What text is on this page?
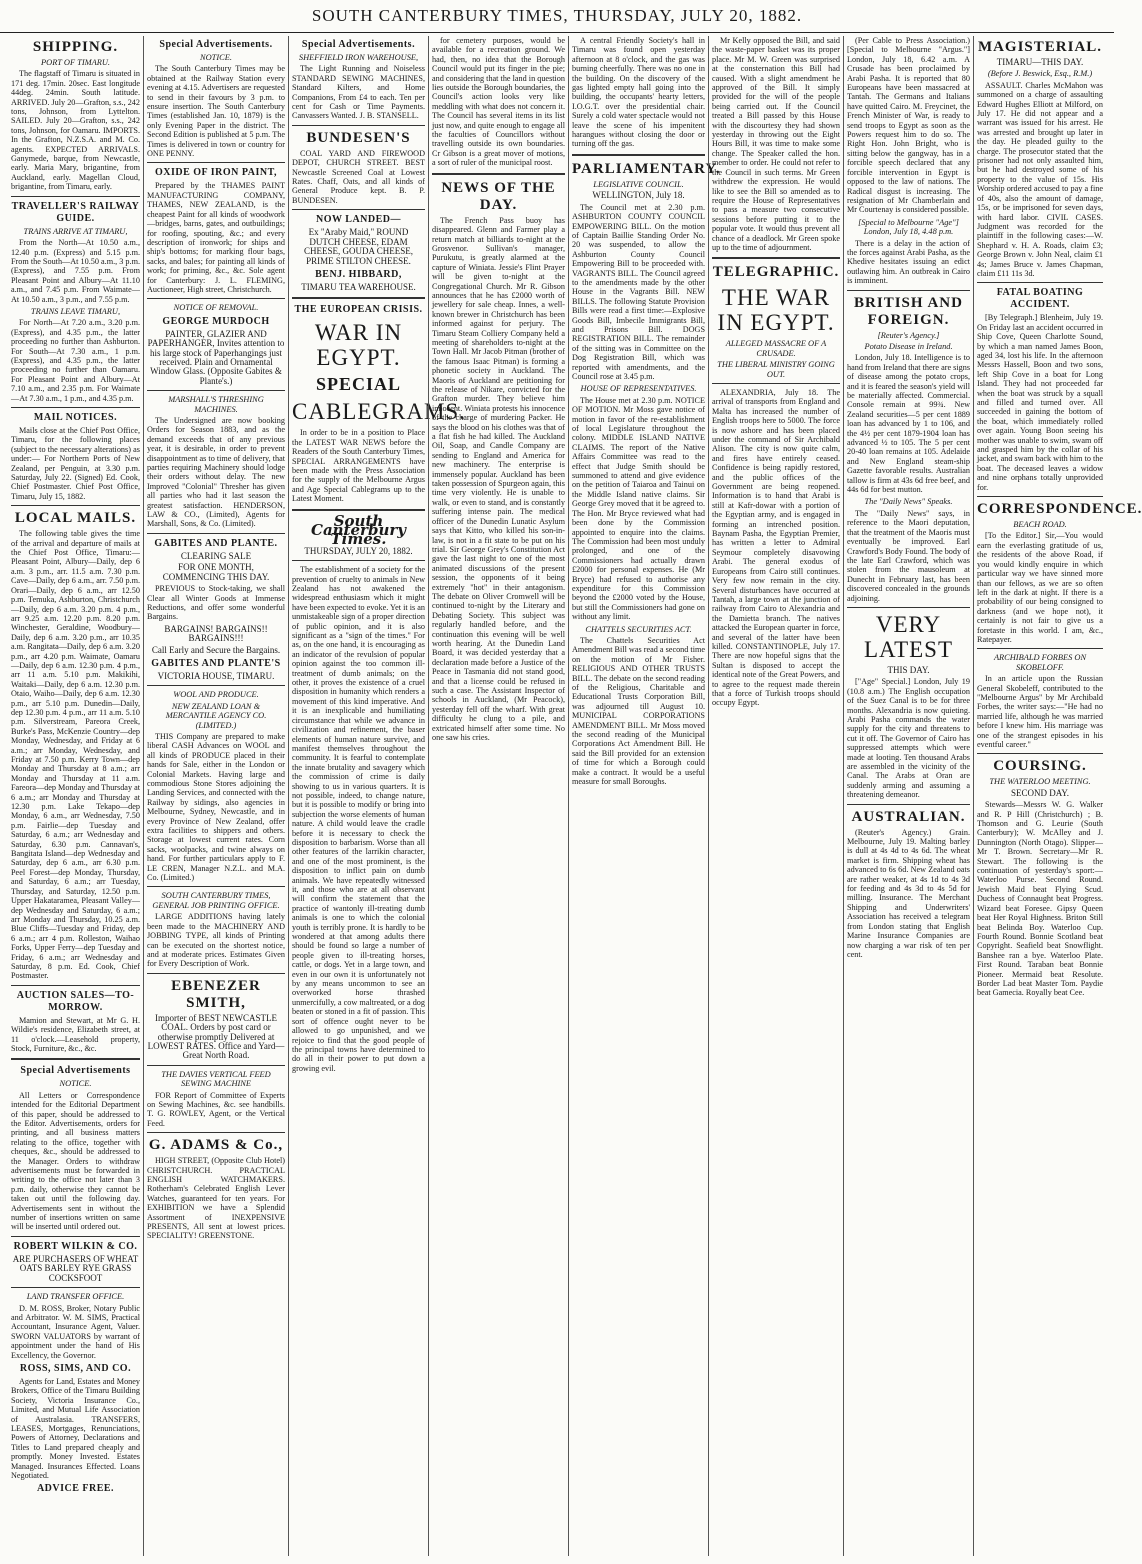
SOUTH CANTERBURY TIMES, THURSDAY, JULY 20, 1882.
SHIPPING.
PORT OF TIMARU.

The flagstaff of Timaru is situated in 171 deg. 17min. 20sec. East longitude 44deg. 24min. South latitude. ARRIVED. July 20—Grafton, s.s., 242 tons, Johnson, from Lyttelton. SAILED. July 20—Grafton, s.s., 242 tons, Johnson, for Oamaru. IMPORTS. In the Grafton, N.Z.S.A. and M. Co. agents. EXPECTED ARRIVALS. Ganymede, barque, from Newcastle, early. Maria Mary, brigantine, from Auckland, early. Magellan Cloud, brigantine, from Timaru, early.

TRAVELLER'S RAILWAY GUIDE.
TRAINS ARRIVE AT TIMARU,

From the North—At 10.50 a.m., 12.40 p.m. (Express) and 5.15 p.m. From the South—At 10.50 a.m., 3 p.m. (Express), and 7.55 p.m. From Pleasant Point and Albury—At 11.10 a.m., and 7.45 p.m. From Waimate—At 10.50 a.m., 3 p.m., and 7.55 p.m.

TRAINS LEAVE TIMARU,

For North—At 7.20 a.m., 3.20 p.m. (Express), and 4.35 p.m., the latter proceeding no further than Ashburton. For South—At 7.30 a.m., 1 p.m. (Express), and 4.35 p.m., the latter proceeding no further than Oamaru. For Pleasant Point and Albury—At 7.10 a.m., and 2.35 p.m. For Waimate—At 7.30 a.m., 1 p.m., and 4.35 p.m.

MAIL NOTICES.

Mails close at the Chief Post Office, Timaru, for the following places (subject to the necessary alterations) as under:— For Northern Ports of New Zealand, per Penguin, at 3.30 p.m. Saturday, July 22. (Signed) Ed. Cook, Chief Postmaster. Chief Post Office, Timaru, July 15, 1882.

LOCAL MAILS.

The following table gives the time of the arrival and departure of mails at the Chief Post Office, Timaru:— Pleasant Point, Albury—Daily, dep 6 a.m. 3 p.m., arr. 11.5 a.m. 7.30 p.m. Cave—Daily, dep 6 a.m., arr. 7.50 p.m. Orari—Daily, dep 6 a.m., arr 12.50 p.m. Temuka, Ashburton, Christchurch—Daily, dep 6 a.m. 3.20 p.m. 4 p.m., arr 9.25 a.m. 12.20 p.m. 8.20 p.m. Winchester, Geraldine, Woodbury—Daily, dep 6 a.m. 3.20 p.m., arr 10.35 a.m. Rangitata—Daily, dep 6 a.m. 3.20 p.m., arr 4.20 p.m. Waimate, Oamaru—Daily, dep 6 a.m. 12.30 p.m. 4 p.m., arr 11 a.m. 5.10 p.m. Makikihi, Waitaki—Daily, dep 6 a.m. 12.30 p.m. Otaio, Waiho—Daily, dep 6 a.m. 12.30 p.m., arr 5.10 p.m. Dunedin—Daily, dep 12.30 p.m. 4 p.m., arr 11 a.m. 5.10 p.m. Silverstream, Pareora Creek, Burke's Pass, McKenzie Country—dep Monday, Wednesday, and Friday at 6 a.m.; arr Monday, Wednesday, and Friday at 7.50 p.m. Kerry Town—dep Monday and Thursday at 8 a.m.; arr Monday and Thursday at 11 a.m. Fareora—dep Monday and Thursday at 6 a.m.; arr Monday and Thursday at 12.30 p.m. Lake Tekapo—dep Monday, 6 a.m., arr Wednesday, 7.50 p.m. Fairlie—dep Tuesday and Saturday, 6 a.m.; arr Wednesday and Saturday, 6.30 p.m. Cannavan's, Bangitata Island—dep Wednesday and Saturday, dep 6 a.m., arr 6.30 p.m. Peel Forest—dep Monday, Thursday, and Saturday, 6 a.m.; arr Tuesday, Thursday, and Saturday, 12.50 p.m. Upper Hakataramea, Pleasant Valley—dep Wednesday and Saturday, 6 a.m.; arr Monday and Thursday, 10.25 a.m. Blue Cliffs—Tuesday and Friday, dep 6 a.m.; arr 4 p.m. Rolleston, Waihao Forks, Upper Ferry—dep Tuesday and Friday, 6 a.m.; arr Wednesday and Saturday, 8 p.m. Ed. Cook, Chief Postmaster.

AUCTION SALES—TO-MORROW.

Mamion and Stewart, at Mr G. H. Wildie's residence, Elizabeth street, at 11 o'clock.—Leasehold property, Stock, Furniture, &c., &c.

Special Advertisements
NOTICE.

All Letters or Correspondence intended for the Editorial Department of this paper, should be addressed to the Editor. Advertisements, orders for printing, and all business matters relating to the office, together with cheques, &c., should be addressed to the Manager. Orders to withdraw advertisements must be forwarded in writing to the office not later than 3 p.m. daily, otherwise they cannot be taken out until the following day. Advertisements sent in without the number of insertions written on same will be inserted until ordered out.

ROBERT WILKIN & CO.
ARE PURCHASERS OF WHEAT OATS BARLEY RYE GRASS COCKSFOOT
LAND TRANSFER OFFICE.

D. M. ROSS, Broker, Notary Public and Arbitrator. W. M. SIMS, Practical Accountant, Insurance Agent, Valuer. SWORN VALUATORS by warrant of appointment under the hand of His Excellency, the Governor.

ROSS, SIMS, AND CO.

Agents for Land, Estates and Money Brokers, Office of the Timaru Building Society, Victoria Insurance Co., Limited, and Mutual Life Association of Australasia. TRANSFERS, LEASES, Mortgages, Renunciations, Powers of Attorney, Declarations and Titles to Land prepared cheaply and promptly. Money Invested. Estates Managed. Insurances Effected. Loans Negotiated.

ADVICE FREE.
Special Advertisements.
NOTICE.

The South Canterbury Times may be obtained at the Railway Station every evening at 4.15. Advertisers are requested to send in their favours by 3 p.m. to ensure insertion. The South Canterbury Times (established Jan. 10, 1879) is the only Evening Paper in the district. The Second Edition is published at 5 p.m. The Times is delivered in town or country for ONE PENNY.

OXIDE OF IRON PAINT,

Prepared by the THAMES PAINT MANUFACTURING COMPANY, THAMES, NEW ZEALAND, is the cheapest Paint for all kinds of woodwork—bridges, barns, gates, and outbuildings; for roofing, spouting, &c.; and every description of ironwork; for ships and ship's bottoms; for marking flour bags, sacks, and bales; for painting all kinds of work; for priming, &c., &c. Sole agent for Canterbury: J. L. FLEMING, Auctioneer, High street, Christchurch.

NOTICE OF REMOVAL.
GEORGE MURDOCH
PAINTER, GLAZIER AND PAPERHANGER, Invites attention to his large stock of Paperhangings just received. Plain and Ornamental Window Glass. (Opposite Gabites & Plante's.)
MARSHALL'S THRESHING MACHINES.

The Undersigned are now booking Orders for Season 1883, and as the demand exceeds that of any previous year, it is desirable, in order to prevent disappointment as to time of delivery, that parties requiring Machinery should lodge their orders without delay. The new Improved "Colonial" Thresher has given all parties who had it last season the greatest satisfaction. HENDERSON, LAW & CO., (Limited), Agents for Marshall, Sons, & Co. (Limited).

GABITES AND PLANTE.
CLEARING SALE
FOR ONE MONTH, COMMENCING THIS DAY.

PREVIOUS to Stock-taking, we shall Clear all Winter Goods at Immense Reductions, and offer some wonderful Bargains.

BARGAINS! BARGAINS!! BARGAINS!!!
Call Early and Secure the Bargains.
GABITES AND PLANTE'S
VICTORIA HOUSE, TIMARU.
WOOL AND PRODUCE.
NEW ZEALAND LOAN & MERCANTILE AGENCY CO. (LIMITED.)

THIS Company are prepared to make liberal CASH Advances on WOOL and all kinds of PRODUCE placed in their hands for Sale, either in the London or Colonial Markets. Having large and commodious Stone Stores adjoining the Landing Services, and connected with the Railway by sidings, also agencies in Melbourne, Sydney, Newcastle, and in every Province of New Zealand, offer extra facilities to shippers and others. Storage at lowest current rates. Corn sacks, woolpacks, and twine always on hand. For further particulars apply to F. LE CREN, Manager N.Z.L. and M.A. Co. (Limited.)

SOUTH CANTERBURY TIMES, GENERAL JOB PRINTING OFFICE.

LARGE ADDITIONS having lately been made to the MACHINERY AND JOBBING TYPE, all kinds of Printing can be executed on the shortest notice, and at moderate prices. Estimates Given for Every Description of Work.

EBENEZER SMITH,
Importer of BEST NEWCASTLE COAL. Orders by post card or otherwise promptly Delivered at LOWEST RATES. Office and Yard—Great North Road.
THE DAVIES VERTICAL FEED SEWING MACHINE

FOR Report of Committee of Experts on Sewing Machines, &c. see handbills. T. G. ROWLEY, Agent, or the Vertical Feed.

G. ADAMS & Co.,

HIGH STREET, (Opposite Club Hotel) CHRISTCHURCH. PRACTICAL ENGLISH WATCHMAKERS. Rotherham's Celebrated English Lever Watches, guaranteed for ten years. For EXHIBITION we have a Splendid Assortment of INEXPENSIVE PRESENTS, All sent at lowest prices. SPECIALITY! GREENSTONE.

Special Advertisements.
SHEFFIELD IRON WAREHOUSE,

The Light Running and Noiseless STANDARD SEWING MACHINES, Standard Kilters, and Home Companions, From £4 to each. Ten per cent for Cash or Time Payments. Canvassers Wanted. J. B. STANSELL.

BUNDESEN'S

COAL YARD AND FIREWOOD DEPOT, CHURCH STREET. BEST Newcastle Screened Coal at Lowest Rates. Chaff, Oats, and all kinds of General Produce kept. B. P. BUNDESEN.

NOW LANDED—
Ex "Araby Maid," ROUND DUTCH CHEESE, EDAM CHEESE, GOUDA CHEESE, PRIME STILTON CHEESE.
BENJ. HIBBARD,
TIMARU TEA WAREHOUSE.
THE EUROPEAN CRISIS.
WAR IN EGYPT.
SPECIAL
CABLEGRAMS.

In order to be in a position to Place the LATEST WAR NEWS before the Readers of the South Canterbury Times, SPECIAL ARRANGEMENTS have been made with the Press Association for the supply of the Melbourne Argus and Age Special Cablegrams up to the Latest Moment.

South Canterbury Times.
THURSDAY, JULY 20, 1882.

The establishment of a society for the prevention of cruelty to animals in New Zealand has not awakened the widespread enthusiasm which it might have been expected to evoke. Yet it is an unmistakeable sign of a proper direction of public opinion, and it is also significant as a "sign of the times." For as, on the one hand, it is encouraging as an indicator of the revulsion of popular opinion against the too common ill-treatment of dumb animals; on the other, it proves the existence of a cruel disposition in humanity which renders a movement of this kind imperative. And it is an inexplicable and humiliating circumstance that while we advance in civilization and refinement, the baser elements of human nature survive, and manifest themselves throughout the community. It is fearful to contemplate the innate brutality and savagery which the commission of crime is daily showing to us in various quarters. It is not possible, indeed, to change nature, but it is possible to modify or bring into subjection the worse elements of human nature. A child would leave the cradle before it is necessary to check the disposition to barbarism. Worse than all other features of the larrikin character, and one of the most prominent, is the disposition to inflict pain on dumb animals. We have repeatedly witnessed it, and those who are at all observant will confirm the statement that the practice of wantonly ill-treating dumb animals is one to which the colonial youth is terribly prone. It is hardly to be wondered at that among adults there should be found so large a number of people given to ill-treating horses, cattle, or dogs. Yet in a large town, and even in our own it is unfortunately not by any means uncommon to see an overworked horse thrashed unmercifully, a cow maltreated, or a dog beaten or stoned in a fit of passion. This sort of offence ought never to be allowed to go unpunished, and we rejoice to find that the good people of the principal towns have determined to do all in their power to put down a growing evil.

for cemetery purposes, would be available for a recreation ground. We had, then, no idea that the Borough Council would put its finger in the pie; and considering that the land in question lies outside the Borough boundaries, the Council's action looks very like meddling with what does not concern it. The Council has several items in its list just now, and quite enough to engage all the faculties of Councillors without travelling outside its own boundaries. Cr Gibson is a great mover of motions, a sort of ruler of the municipal roost.

NEWS OF THE DAY.

The French Pass buoy has disappeared. Glenn and Farmer play a return match at billiards to-night at the Grosvenor. Sullivan's manager, Purukutu, is greatly alarmed at the capture of Winiata. Jessie's Flint Prayer will be given to-night at the Congregational Church. Mr R. Gibson announces that he has £2000 worth of jewellery for sale cheap. Innes, a well-known brewer in Christchurch has been informed against for perjury. The Timaru Steam Colliery Company held a meeting of shareholders to-night at the Town Hall. Mr Jacob Pitman (brother of the famous Isaac Pitman) is forming a phonetic society in Auckland. The Maoris of Auckland are petitioning for the release of Nikare, convicted for the Grafton murder. They believe him innocent. Winiata protests his innocence of the charge of murdering Packer. He says the blood on his clothes was that of a flat fish he had killed. The Auckland Oil, Soap, and Candle Company are sending to England and America for new machinery. The enterprise is immensely popular. Auckland has been taken possession of Spurgeon again, this time very violently. He is unable to walk, or even to stand, and is constantly suffering intense pain. The medical officer of the Dunedin Lunatic Asylum says that Kitto, who killed his son-in-law, is not in a fit state to be put on his trial. Sir George Grey's Constitution Act gave the last night to one of the most animated discussions of the present session, the opponents of it being extremely "hot" in their antagonism. The debate on Oliver Cromwell will be continued to-night by the Literary and Debating Society. This subject was regularly handled before, and the continuation this evening will be well worth hearing. At the Dunedin Land Board, it was decided yesterday that a declaration made before a Justice of the Peace in Tasmania did not stand good, and that a license could be refused in such a case. The Assistant Inspector of schools in Auckland, (Mr Peacock), yesterday fell off the wharf. With great difficulty he clung to a pile, and extricated himself after some time. No one saw his cries.

A central Friendly Society's hall in Timaru was found open yesterday afternoon at 8 o'clock, and the gas was burning cheerfully. There was no one in the building. On the discovery of the gas lighted empty hall going into the building, the occupants' hearty letters, I.O.G.T. over the presidential chair. Surely a cold water spectacle would not leave the scene of his impenitent harangues without closing the door or turning off the gas.

PARLIAMENTARY.
LEGISLATIVE COUNCIL.
WELLINGTON, July 18.

The Council met at 2.30 p.m. ASHBURTON COUNTY COUNCIL EMPOWERING BILL. On the motion of Captain Baillie Standing Order No. 20 was suspended, to allow the Ashburton County Council Empowering Bill to be proceeded with. VAGRANTS BILL. The Council agreed to the amendments made by the other House in the Vagrants Bill. NEW BILLS. The following Statute Provision Bills were read a first time:—Explosive Goods Bill, Imbecile Immigrants Bill, and Prisons Bill. DOGS REGISTRATION BILL. The remainder of the sitting was in Committee on the Dog Registration Bill, which was reported with amendments, and the Council rose at 3.45 p.m.

HOUSE OF REPRESENTATIVES.

The House met at 2.30 p.m. NOTICE OF MOTION. Mr Moss gave notice of motion in favor of the re-establishment of local Legislature throughout the colony. MIDDLE ISLAND NATIVE CLAIMS. The report of the Native Affairs Committee was read to the effect that Judge Smith should be summoned to attend and give evidence on the petition of Taiaroa and Tainui on the Middle Island native claims. Sir George Grey moved that it be agreed to. The Hon. Mr Bryce reviewed what had been done by the Commission appointed to enquire into the claims. The Commission had been most unduly prolonged, and one of the Commissioners had actually drawn £2000 for personal expenses. He (Mr Bryce) had refused to authorise any expenditure for this Commission beyond the £2000 voted by the House, but still the Commissioners had gone on without any limit.

CHATTELS SECURITIES ACT.

The Chattels Securities Act Amendment Bill was read a second time on the motion of Mr Fisher. RELIGIOUS AND OTHER TRUSTS BILL. The debate on the second reading of the Religious, Charitable and Educational Trusts Corporation Bill, was adjourned till August 10. MUNICIPAL CORPORATIONS AMENDMENT BILL. Mr Moss moved the second reading of the Municipal Corporations Act Amendment Bill. He said the Bill provided for an extension of time for which a Borough could make a contract. It would be a useful measure for small Boroughs.

Mr Kelly opposed the Bill, and said the waste-paper basket was its proper place. Mr M. W. Green was surprised at the consternation this Bill had caused. With a slight amendment he approved of the Bill. It simply provided for the will of the people being carried out. If the Council treated a Bill passed by this House with the discourtesy they had shown yesterday in throwing out the Eight Hours Bill, it was time to make some change. The Speaker called the hon. member to order. He could not refer to the Council in such terms. Mr Green withdrew the expression. He would like to see the Bill so amended as to require the House of Representatives to pass a measure two consecutive sessions before putting it to the popular vote. It would thus prevent all chance of a deadlock. Mr Green spoke up to the time of adjournment.

TELEGRAPHIC.
THE WAR IN EGYPT.
ALLEGED MASSACRE OF A CRUSADE.
THE LIBERAL MINISTRY GOING OUT.

ALEXANDRIA, July 18. The arrival of transports from England and Malta has increased the number of English troops here to 5000. The force is now ashore and has been placed under the command of Sir Archibald Alison. The city is now quite calm, and fires have entirely ceased. Confidence is being rapidly restored, and the public offices of the Government are being reopened. Information is to hand that Arabi is still at Kafr-dowar with a portion of the Egyptian army, and is engaged in forming an intrenched position. Baynam Pasha, the Egyptian Premier, has written a letter to Admiral Seymour completely disavowing Arabi. The general exodus of Europeans from Cairo still continues. Very few now remain in the city. Several disturbances have occurred at Tantah, a large town at the junction of railway from Cairo to Alexandria and the Damietta branch. The natives attacked the European quarter in force, and several of the latter have been killed. CONSTANTINOPLE, July 17. There are now hopeful signs that the Sultan is disposed to accept the identical note of the Great Powers, and to agree to the request made therein that a force of Turkish troops should occupy Egypt.

(Per Cable to Press Association.) [Special to Melbourne "Argus."] London, July 18, 6.42 a.m. A Crusade has been proclaimed by Arabi Pasha. It is reported that 80 Europeans have been massacred at Tantah. The Germans and Italians have quitted Cairo. M. Freycinet, the French Minister of War, is ready to send troops to Egypt as soon as the Powers request him to do so. The Right Hon. John Bright, who is sitting below the gangway, has in a forcible speech declared that any forcible intervention in Egypt is opposed to the law of nations. The Radical disgust is increasing. The resignation of Mr Chamberlain and Mr Courtenay is considered possible.

[Special to Melbourne "Age"] London, July 18, 4.48 p.m.

There is a delay in the action of the forces against Arabi Pasha, as the Khedive hesitates issuing an edict outlawing him. An outbreak in Cairo is imminent.

BRITISH AND FOREIGN.
[Reuter's Agency.]
Potato Disease in Ireland.

London, July 18. Intelligence is to hand from Ireland that there are signs of disease among the potato crops, and it is feared the season's yield will be materially affected. Commercial. Console remain at 99¾. New Zealand securities—5 per cent 1889 loan has advanced by 1 to 106, and the 4½ per cent 1879-1904 loan has advanced ½ to 105. The 5 per cent 20-40 loan remains at 105. Adelaide and New England steam-ship Gazette favorable results. Australian tallow is firm at 43s 6d free beef, and 44s 6d for best mutton.

The "Daily News" Speaks.

The "Daily News" says, in reference to the Maori deputation, that the treatment of the Maoris must eventually be improved. Earl Crawford's Body Found. The body of the late Earl Crawford, which was stolen from the mausoleum at Dunecht in February last, has been discovered concealed in the grounds adjoining.

VERY LATEST
THIS DAY.

["Age" Special.] London, July 19 (10.8 a.m.) The English occupation of the Suez Canal is to be for three months. Alexandria is now quieting. Arabi Pasha commands the water supply for the city and threatens to cut it off. The Governor of Cairo has suppressed attempts which were made at looting. Ten thousand Arabs are assembled in the vicinity of the Canal. The Arabs at Oran are suddenly arming and assuming a threatening demeanor.

AUSTRALIAN.

(Reuter's Agency.) Grain. Melbourne, July 19. Malting barley is dull at 4s 4d to 4s 6d. The wheat market is firm. Shipping wheat has advanced to 6s 6d. New Zealand oats are rather weaker, at 4s 1d to 4s 3d for feeding and 4s 3d to 4s 5d for milling. Insurance. The Merchant Shipping and Underwriters' Association has received a telegram from London stating that English Marine Insurance Companies are now charging a war risk of ten per cent.

MAGISTERIAL.
TIMARU—THIS DAY.
(Before J. Beswick, Esq., R.M.)

ASSAULT. Charles McMahon was summoned on a charge of assaulting Edward Hughes Elliott at Milford, on July 17. He did not appear and a warrant was issued for his arrest. He was arrested and brought up later in the day. He pleaded guilty to the charge. The prosecutor stated that the prisoner had not only assaulted him, but he had destroyed some of his property to the value of 15s. His Worship ordered accused to pay a fine of 40s, also the amount of damage, 15s, or be imprisoned for seven days, with hard labor. CIVIL CASES. Judgment was recorded for the plaintiff in the following cases:—W. Shephard v. H. A. Roads, claim £3; George Brown v. John Neal, claim £1 4s; James Bruce v. James Chapman, claim £11 11s 3d.

FATAL BOATING ACCIDENT.

[By Telegraph.] Blenheim, July 19. On Friday last an accident occurred in Ship Cove, Queen Charlotte Sound, by which a man named James Boon, aged 34, lost his life. In the afternoon Messrs Hassell, Boon and two sons, left Ship Cove in a boat for Long Island. They had not proceeded far when the boat was struck by a squall and filled and turned over. All succeeded in gaining the bottom of the boat, which immediately rolled over again. Young Boon seeing his mother was unable to swim, swam off and grasped him by the collar of his jacket, and swam back with him to the boat. The deceased leaves a widow and nine orphans totally unprovided for.

CORRESPONDENCE.
BEACH ROAD.

[To the Editor.] Sir,—You would earn the everlasting gratitude of us, the residents of the above Road, if you would kindly enquire in which particular way we have sinned more than our fellows, as we are so often left in the dark at night. If there is a probability of our being consigned to darkness (and we hope not), it certainly is not fair to give us a foretaste in this world. I am, &c., Ratepayer.

ARCHIBALD FORBES ON SKOBELOFF.

In an article upon the Russian General Skobeleff, contributed to the "Melbourne Argus" by Mr Archibald Forbes, the writer says:—"He had no married life, although he was married before I knew him. His marriage was one of the strangest episodes in his eventful career."

COURSING.
THE WATERLOO MEETING.
SECOND DAY.

Stewards—Messrs W. G. Walker and R. P Hill (Christchurch) ; B. Thomson and G. Leurie (South Canterbury); W. McAlley and J. Dunnington (North Otago). Slipper—Mr T. Brown. Secretary—Mr R. Stewart. The following is the continuation of yesterday's sport:— Waterloo Purse. Second Round. Jewish Maid beat Flying Scud. Duchess of Connaught beat Progress. Wizard beat Foresee. Gipsy Queen beat Her Royal Highness. Briton Still beat Belinda Boy. Waterloo Cup. Fourth Round. Bonnie Scotland beat Copyright. Seafield beat Snowflight. Banshee ran a bye. Waterloo Plate. First Round. Taraban beat Bonnie Pioneer. Mermaid beat Resolute. Border Lad beat Master Tom. Paydie beat Gamecia. Royally beat Cee.
